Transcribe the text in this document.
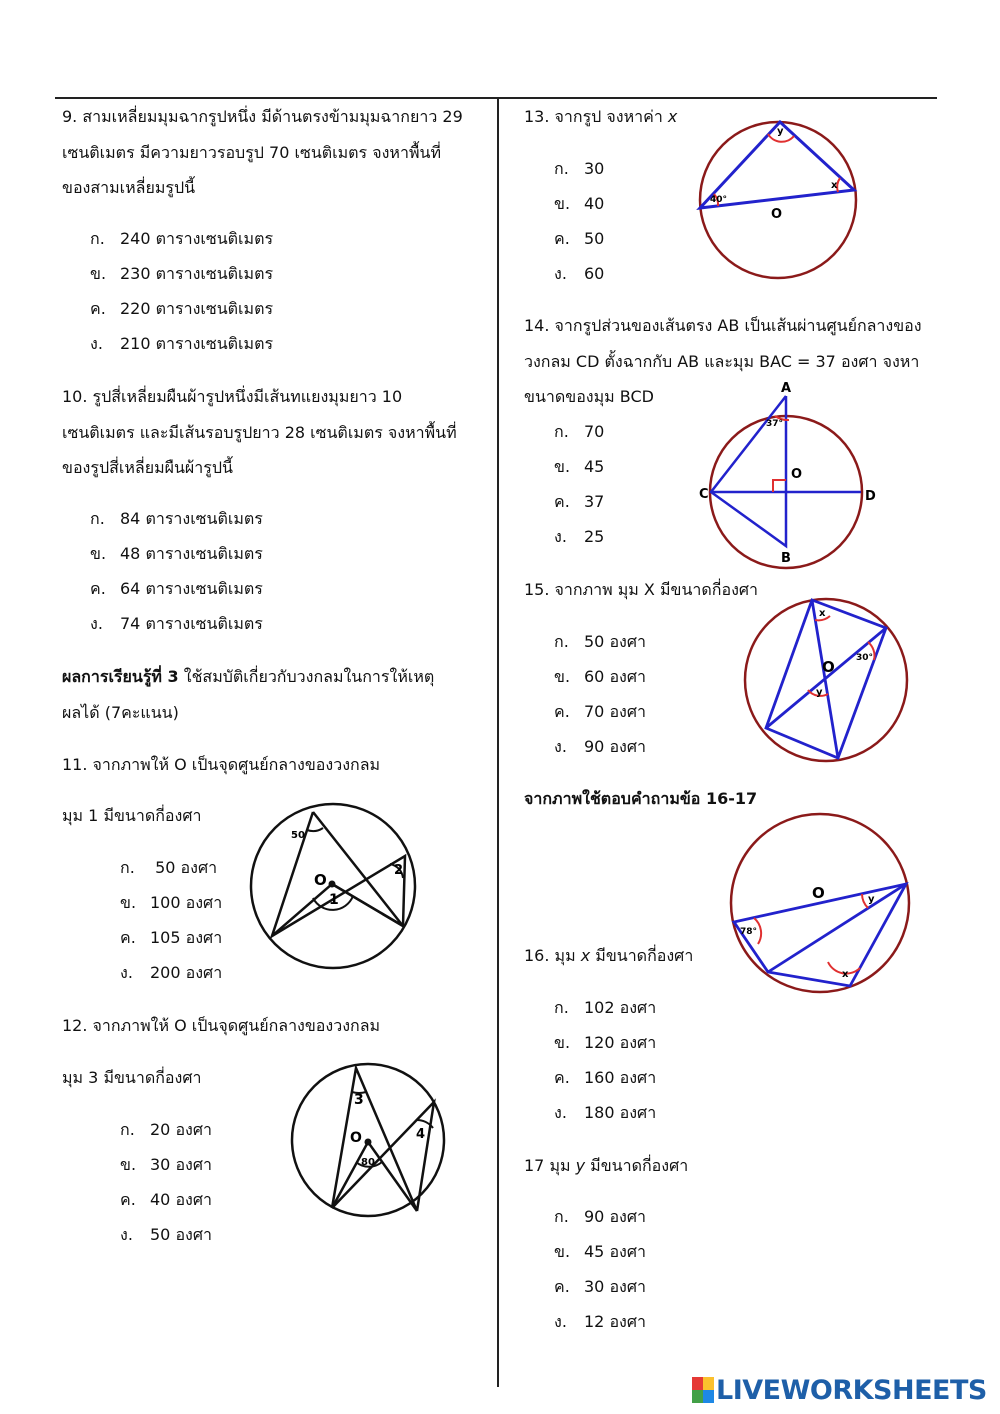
9. สามเหลี่ยมมุมฉากรูปหนึ่ง มีด้านตรงข้ามมุมฉากยาว 29
เซนติเมตร มีความยาวรอบรูป 70 เซนติเมตร จงหาพื้นที่
ของสามเหลี่ยมรูปนี้
ก. 240 ตารางเซนติเมตร
ข. 230 ตารางเซนติเมตร
ค. 220 ตารางเซนติเมตร
ง. 210 ตารางเซนติเมตร
10. รูปสี่เหลี่ยมผืนผ้ารูปหนึ่งมีเส้นทแยงมุมยาว 10
เซนติเมตร และมีเส้นรอบรูปยาว 28 เซนติเมตร จงหาพื้นที่
ของรูปสี่เหลี่ยมผืนผ้ารูปนี้
ก. 84 ตารางเซนติเมตร
ข. 48 ตารางเซนติเมตร
ค. 64 ตารางเซนติเมตร
ง. 74 ตารางเซนติเมตร
ผลการเรียนรู้ที่ 3 ใช้สมบัติเกี่ยวกับวงกลมในการให้เหตุ
ผลได้ (7คะแนน)
11. จากภาพให้ O เป็นจุดศูนย์กลางของวงกลม
มุม 1 มีขนาดกี่องศา
ก. 50 องศา
ข. 100 องศา
ค. 105 องศา
ง. 200 องศา
50
O
1
2
12. จากภาพให้ O เป็นจุดศูนย์กลางของวงกลม
มุม 3 มีขนาดกี่องศา
ก. 20 องศา
ข. 30 องศา
ค. 40 องศา
ง. 50 องศา
3
O
80
4
13. จากรูป จงหาค่า x
ก. 30
ข. 40
ค. 50
ง. 60
y
x
40°
O
14. จากรูปส่วนของเส้นตรง AB เป็นเส้นผ่านศูนย์กลางของ
วงกลม CD ตั้งฉากกับ AB และมุม BAC = 37 องศา จงหา
ขนาดของมุม BCD
ก. 70
ข. 45
ค. 37
ง. 25
A
B
C	D
O
37°
15. จากภาพ มุม X มีขนาดกี่องศา
ก. 50 องศา
ข. 60 องศา
ค. 70 องศา
ง. 90 องศา
x
y
O 30°
จากภาพใช้ตอบคำถามข้อ 16-17
O
78°
y
x
16. มุม x มีขนาดกี่องศา
ก. 102 องศา
ข. 120 องศา
ค. 160 องศา
ง. 180 องศา
17 มุม y มีขนาดกี่องศา
ก. 90 องศา
ข. 45 องศา
ค. 30 องศา
ง. 12 องศา
LIVEWORKSHEETS
